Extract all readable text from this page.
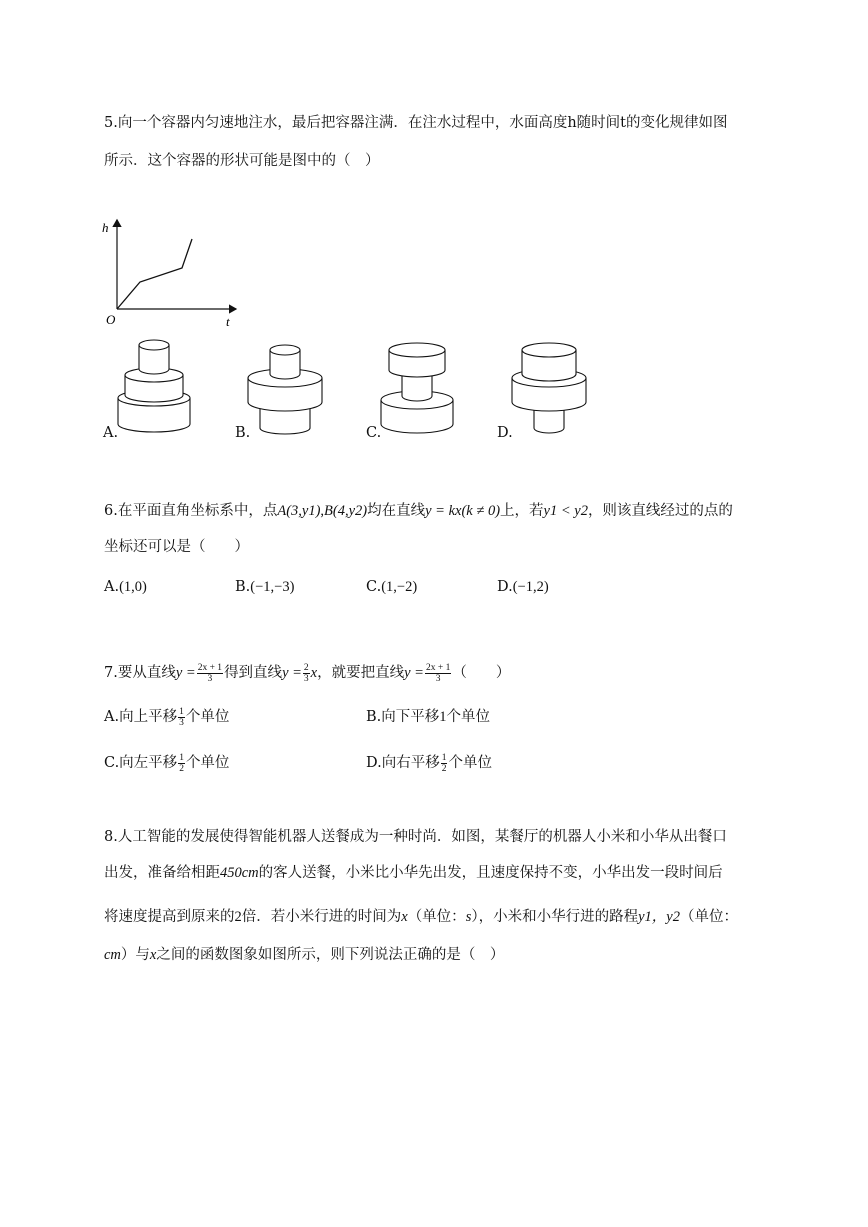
5.向一个容器内匀速地注水，最后把容器注满．在注水过程中，水面高度h随时间t的变化规律如图
所示．这个容器的形状可能是图中的（　）
h
t
O
A.	B.	C.	D.
6.在平面直角坐标系中，点A(3,y1),B(4,y2)均在直线y = kx(k ≠ 0)上，若y1 < y2，则该直线经过的点的
坐标还可以是（　　）
A.(1,0)	B.(−1,−3)	C.(1,−2)	D.(−1,2)
7.要从直线$y = \frac{2x + 1}{3}$ 得到直线$y = \frac{2}{3}$ x，就要把直线$y = \frac{2x + 1}{3}$ （　　）
A.向上平移 $\frac{1}{3}$ 个单位	B.向下平移1个单位
C.向左平移 $\frac{1}{2}$ 个单位	D.向右平移 $\frac{1}{2}$ 个单位
8.人工智能的发展使得智能机器人送餐成为一种时尚．如图，某餐厅的机器人小米和小华从出餐口
出发，准备给相距450cm的客人送餐，小米比小华先出发，且速度保持不变，小华出发一段时间后
将速度提高到原来的2倍．若小米行进的时间为x（单位：s），小米和小华行进的路程y1，y2（单位：
cm）与x之间的函数图象如图所示，则下列说法正确的是（　）
